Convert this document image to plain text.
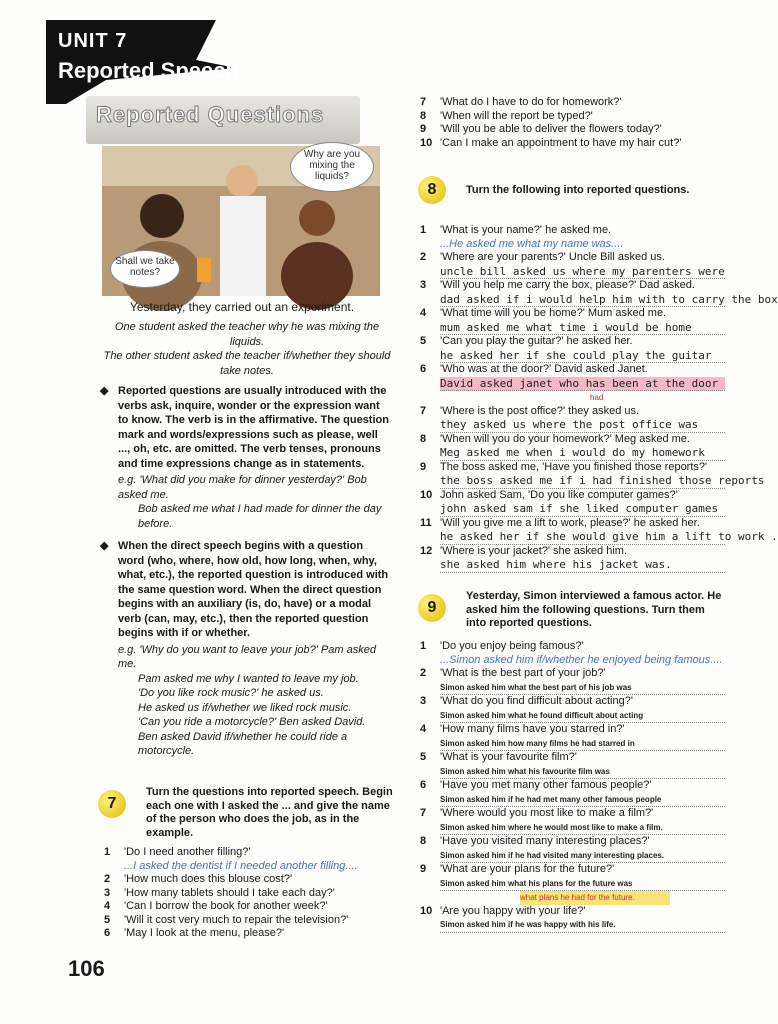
UNIT 7
Reported Speech
Reported Questions
Why are you mixing the liquids?
Shall we take notes?
Yesterday, they carried out an experiment.

One student asked the teacher why he was mixing the liquids.

The other student asked the teacher if/whether they should take notes.

◆ Reported questions are usually introduced with the verbs ask, inquire, wonder or the expression want to know. The verb is in the affirmative. The question mark and words/expressions such as please, well ..., oh, etc. are omitted. The verb tenses, pronouns and time expressions change as in statements.

e.g. 'What did you make for dinner yesterday?' Bob asked me.

Bob asked me what I had made for dinner the day before.

◆ When the direct speech begins with a question word (who, where, how old, how long, when, why, what, etc.), the reported question is introduced with the same question word. When the direct question begins with an auxiliary (is, do, have) or a modal verb (can, may, etc.), then the reported question begins with if or whether.

e.g. 'Why do you want to leave your job?' Pam asked me.

Pam asked me why I wanted to leave my job.

'Do you like rock music?' he asked us.

He asked us if/whether we liked rock music.

'Can you ride a motorcycle?' Ben asked David.

Ben asked David if/whether he could ride a motorcycle.

7
Turn the questions into reported speech. Begin each one with I asked the ... and give the name of the person who does the job, as in the example.
1 'Do I need another filling?'
...I asked the dentist if I needed another filling....
2 'How much does this blouse cost?'
3 'How many tablets should I take each day?'
4 'Can I borrow the book for another week?'
5 'Will it cost very much to repair the television?'
6 'May I look at the menu, please?'
7 'What do I have to do for homework?'
8 'When will the report be typed?'
9 'Will you be able to deliver the flowers today?'
10 'Can I make an appointment to have my hair cut?'
8	Turn the following into reported questions.
1 'What is your name?' he asked me.
...He asked me what my name was....
2 'Where are your parents?' Uncle Bill asked us.
uncle bill asked us where my parenters were
3 'Will you help me carry the box, please?' Dad asked.
dad asked if i would help him with to carry the box
4 'What time will you be home?' Mum asked me.
mum asked me what time i would be home
5 'Can you play the guitar?' he asked her.
he asked her if she could play the guitar
6 'Who was at the door?' David asked Janet.
David asked janet who has been at the door
had
7 'Where is the post office?' they asked us.
they asked us where the post office was
8 'When will you do your homework?' Meg asked me.
Meg asked me when i would do my homework
9 The boss asked me, 'Have you finished those reports?'
the boss asked me if i had finished those reports
10 John asked Sam, 'Do you like computer games?'
john asked sam if she liked computer games
11 'Will you give me a lift to work, please?' he asked her.
he asked her if she would give him a lift to work .
12 'Where is your jacket?' she asked him.
she asked him where his jacket was.
9
Yesterday, Simon interviewed a famous actor. He asked him the following questions. Turn them into reported questions.
1 'Do you enjoy being famous?'
...Simon asked him if/whether he enjoyed being famous....
2 'What is the best part of your job?'
Simon asked him what the best part of his job was
3 'What do you find difficult about acting?'
Simon asked him what he found difficult about acting
4 'How many films have you starred in?'
Simon asked him how many films he had starred in
5 'What is your favourite film?'
Simon asked him what his favourite film was
6 'Have you met many other famous people?'
Simon asked him if he had met many other famous people
7 'Where would you most like to make a film?'
Simon asked him where he would most like to make a film.
8 'Have you visited many interesting places?'
Simon asked him if he had visited many interesting places.
9 'What are your plans for the future?'
Simon asked him what his plans for the future was
what plans he had for the future.
10 'Are you happy with your life?'
Simon asked him if he was happy with his life.
106
